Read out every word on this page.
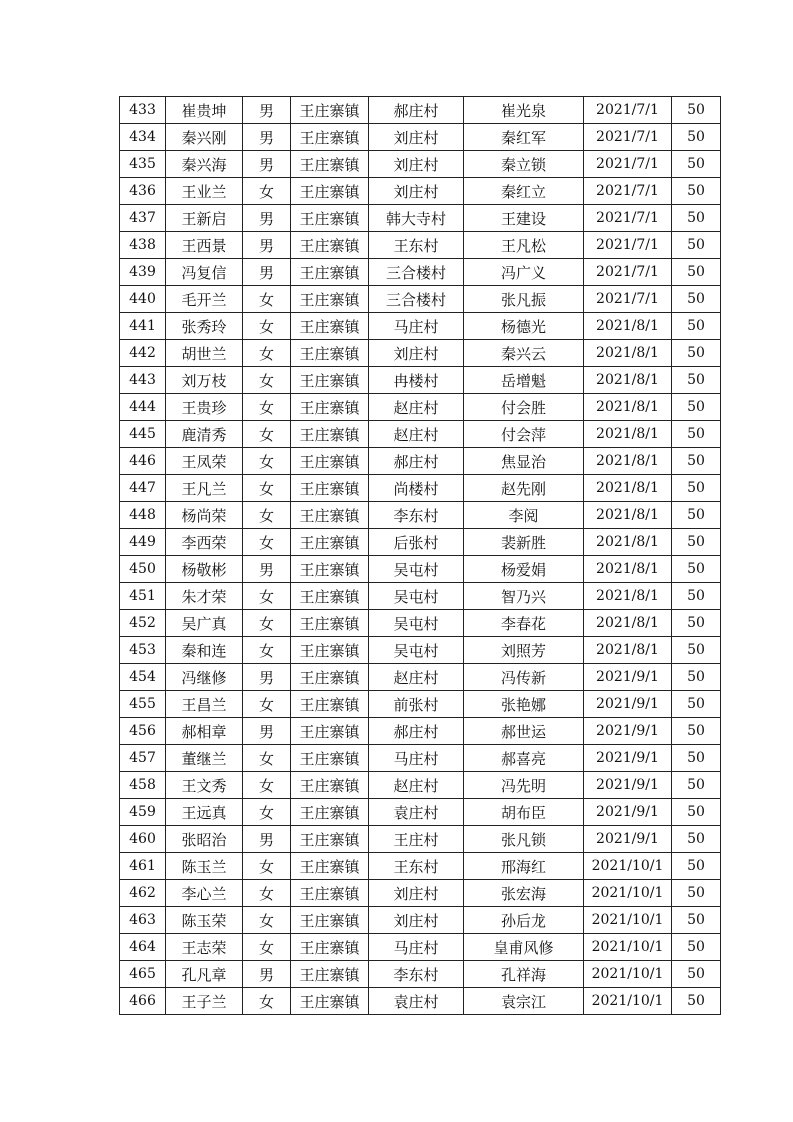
433	崔贵坤	男	王庄寨镇	郝庄村	崔光泉	2021/7/1	50
434	秦兴刚	男	王庄寨镇	刘庄村	秦红军	2021/7/1	50
435	秦兴海	男	王庄寨镇	刘庄村	秦立锁	2021/7/1	50
436	王业兰	女	王庄寨镇	刘庄村	秦红立	2021/7/1	50
437	王新启	男	王庄寨镇	韩大寺村	王建设	2021/7/1	50
438	王西景	男	王庄寨镇	王东村	王凡松	2021/7/1	50
439	冯复信	男	王庄寨镇	三合楼村	冯广义	2021/7/1	50
440	毛开兰	女	王庄寨镇	三合楼村	张凡振	2021/7/1	50
441	张秀玲	女	王庄寨镇	马庄村	杨德光	2021/8/1	50
442	胡世兰	女	王庄寨镇	刘庄村	秦兴云	2021/8/1	50
443	刘万枝	女	王庄寨镇	冉楼村	岳增魁	2021/8/1	50
444	王贵珍	女	王庄寨镇	赵庄村	付会胜	2021/8/1	50
445	鹿清秀	女	王庄寨镇	赵庄村	付会萍	2021/8/1	50
446	王凤荣	女	王庄寨镇	郝庄村	焦显治	2021/8/1	50
447	王凡兰	女	王庄寨镇	尚楼村	赵先刚	2021/8/1	50
448	杨尚荣	女	王庄寨镇	李东村	李阅	2021/8/1	50
449	李西荣	女	王庄寨镇	后张村	裴新胜	2021/8/1	50
450	杨敬彬	男	王庄寨镇	吴屯村	杨爱娟	2021/8/1	50
451	朱才荣	女	王庄寨镇	吴屯村	智乃兴	2021/8/1	50
452	吴广真	女	王庄寨镇	吴屯村	李春花	2021/8/1	50
453	秦和连	女	王庄寨镇	吴屯村	刘照芳	2021/8/1	50
454	冯继修	男	王庄寨镇	赵庄村	冯传新	2021/9/1	50
455	王昌兰	女	王庄寨镇	前张村	张艳娜	2021/9/1	50
456	郝相章	男	王庄寨镇	郝庄村	郝世运	2021/9/1	50
457	董继兰	女	王庄寨镇	马庄村	郝喜亮	2021/9/1	50
458	王文秀	女	王庄寨镇	赵庄村	冯先明	2021/9/1	50
459	王远真	女	王庄寨镇	袁庄村	胡布臣	2021/9/1	50
460	张昭治	男	王庄寨镇	王庄村	张凡锁	2021/9/1	50
461	陈玉兰	女	王庄寨镇	王东村	邢海红	2021/10/1	50
462	李心兰	女	王庄寨镇	刘庄村	张宏海	2021/10/1	50
463	陈玉荣	女	王庄寨镇	刘庄村	孙后龙	2021/10/1	50
464	王志荣	女	王庄寨镇	马庄村	皇甫风修	2021/10/1	50
465	孔凡章	男	王庄寨镇	李东村	孔祥海	2021/10/1	50
466	王子兰	女	王庄寨镇	袁庄村	袁宗江	2021/10/1	50
